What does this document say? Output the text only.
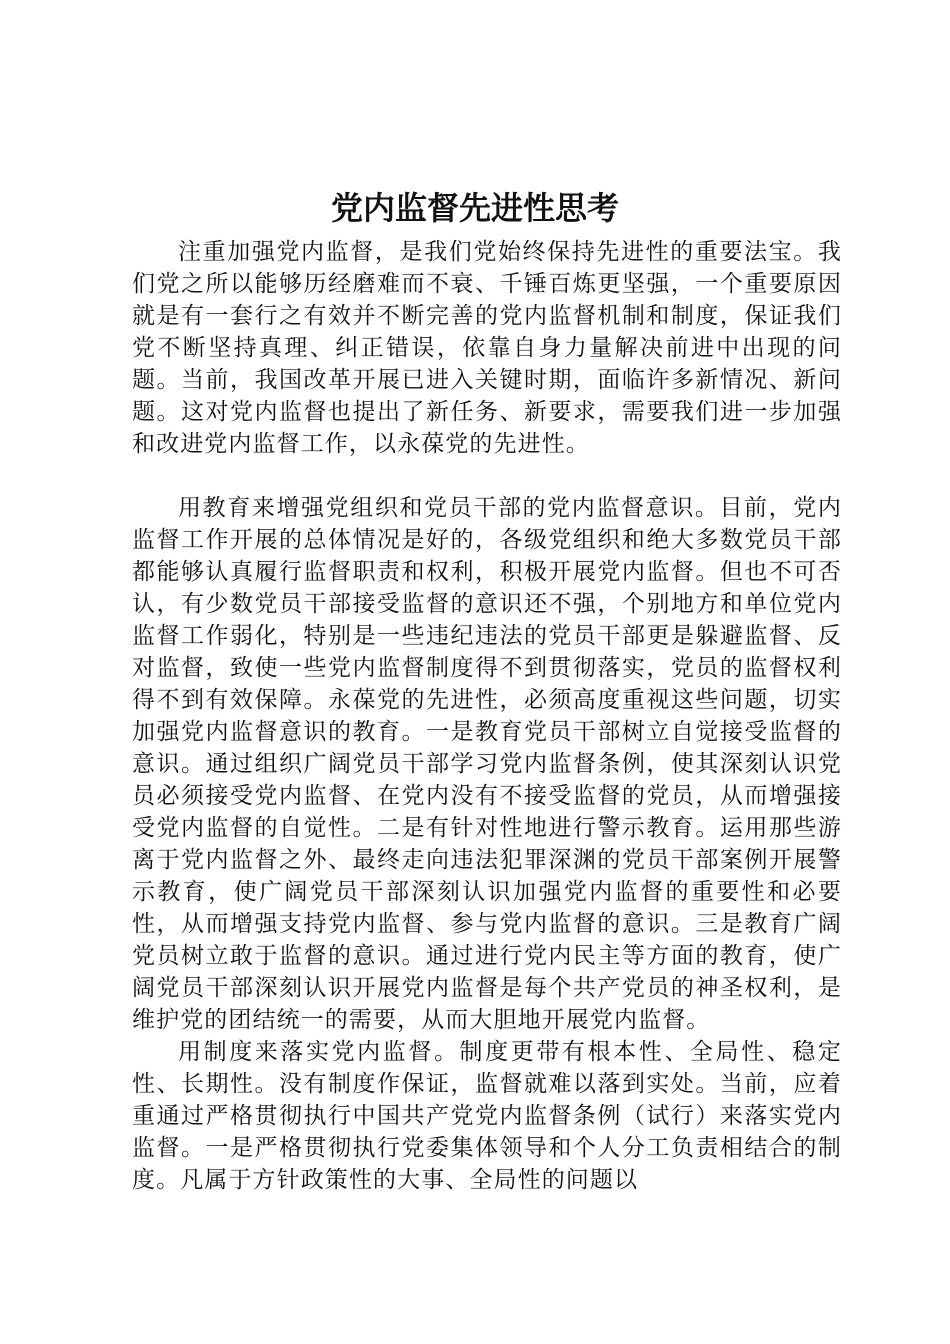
党内监督先进性思考

注重加强党内监督，是我们党始终保持先进性的重要法宝。我们党之所以能够历经磨难而不衰、千锤百炼更坚强，一个重要原因就是有一套行之有效并不断完善的党内监督机制和制度，保证我们党不断坚持真理、纠正错误，依靠自身力量解决前进中出现的问题。当前，我国改革开展已进入关键时期，面临许多新情况、新问题。这对党内监督也提出了新任务、新要求，需要我们进一步加强和改进党内监督工作，以永葆党的先进性。

用教育来增强党组织和党员干部的党内监督意识。目前，党内监督工作开展的总体情况是好的，各级党组织和绝大多数党员干部都能够认真履行监督职责和权利，积极开展党内监督。但也不可否认，有少数党员干部接受监督的意识还不强，个别地方和单位党内监督工作弱化，特别是一些违纪违法的党员干部更是躲避监督、反对监督，致使一些党内监督制度得不到贯彻落实，党员的监督权利得不到有效保障。永葆党的先进性，必须高度重视这些问题，切实加强党内监督意识的教育。一是教育党员干部树立自觉接受监督的意识。通过组织广阔党员干部学习党内监督条例，使其深刻认识党员必须接受党内监督、在党内没有不接受监督的党员，从而增强接受党内监督的自觉性。二是有针对性地进行警示教育。运用那些游离于党内监督之外、最终走向违法犯罪深渊的党员干部案例开展警示教育，使广阔党员干部深刻认识加强党内监督的重要性和必要性，从而增强支持党内监督、参与党内监督的意识。三是教育广阔党员树立敢于监督的意识。通过进行党内民主等方面的教育，使广阔党员干部深刻认识开展党内监督是每个共产党员的神圣权利，是维护党的团结统一的需要，从而大胆地开展党内监督。

用制度来落实党内监督。制度更带有根本性、全局性、稳定性、长期性。没有制度作保证，监督就难以落到实处。当前，应着重通过严格贯彻执行中国共产党党内监督条例（试行）来落实党内监督。一是严格贯彻执行党委集体领导和个人分工负责相结合的制度。凡属于方针政策性的大事、全局性的问题以
